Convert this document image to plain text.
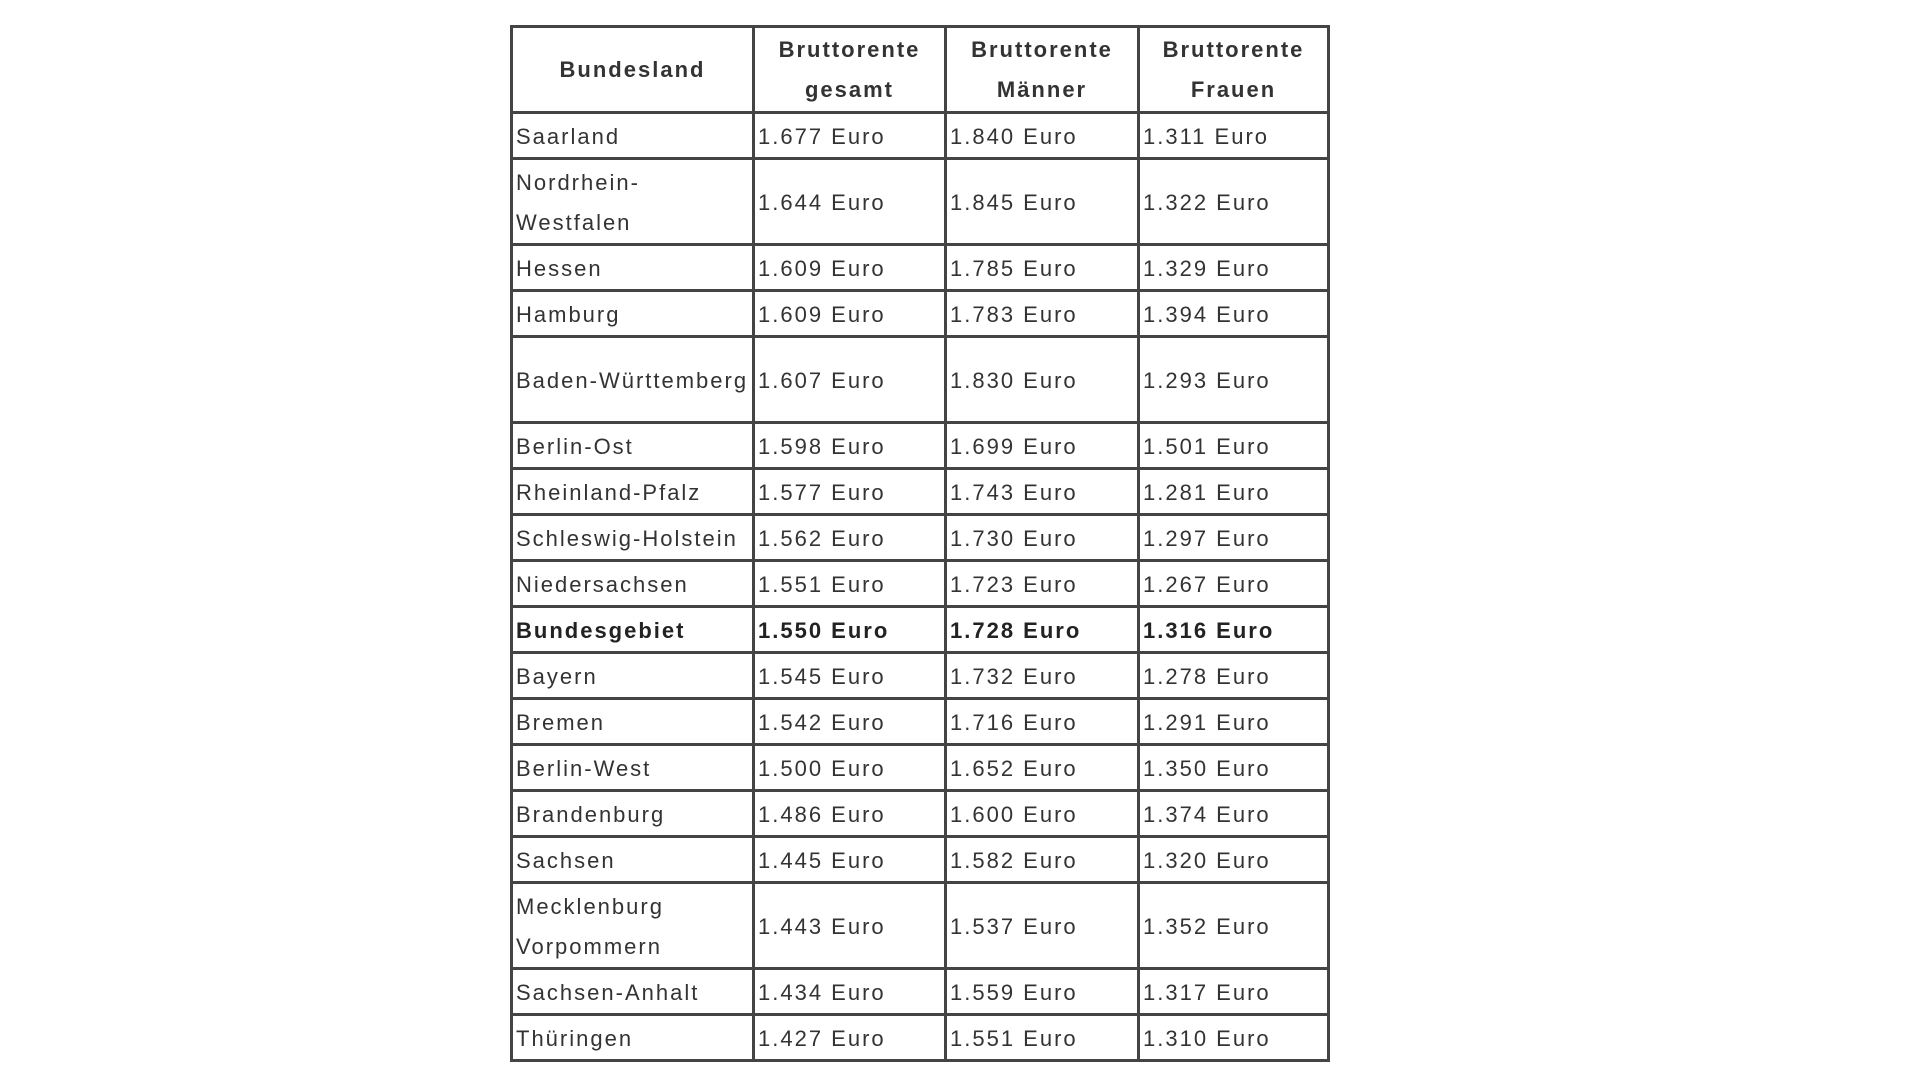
Bundesland	Bruttorente gesamt	Bruttorente Männer	Bruttorente Frauen
Saarland	1.677 Euro	1.840 Euro	1.311 Euro
Nordrhein-Westfalen	1.644 Euro	1.845 Euro	1.322 Euro
Hessen	1.609 Euro	1.785 Euro	1.329 Euro
Hamburg	1.609 Euro	1.783 Euro	1.394 Euro
Baden-Württemberg	1.607 Euro	1.830 Euro	1.293 Euro
Berlin-Ost	1.598 Euro	1.699 Euro	1.501 Euro
Rheinland-Pfalz	1.577 Euro	1.743 Euro	1.281 Euro
Schleswig-Holstein	1.562 Euro	1.730 Euro	1.297 Euro
Niedersachsen	1.551 Euro	1.723 Euro	1.267 Euro
Bundesgebiet	1.550 Euro	1.728 Euro	1.316 Euro
Bayern	1.545 Euro	1.732 Euro	1.278 Euro
Bremen	1.542 Euro	1.716 Euro	1.291 Euro
Berlin-West	1.500 Euro	1.652 Euro	1.350 Euro
Brandenburg	1.486 Euro	1.600 Euro	1.374 Euro
Sachsen	1.445 Euro	1.582 Euro	1.320 Euro
Mecklenburg Vorpommern	1.443 Euro	1.537 Euro	1.352 Euro
Sachsen-Anhalt	1.434 Euro	1.559 Euro	1.317 Euro
Thüringen	1.427 Euro	1.551 Euro	1.310 Euro
